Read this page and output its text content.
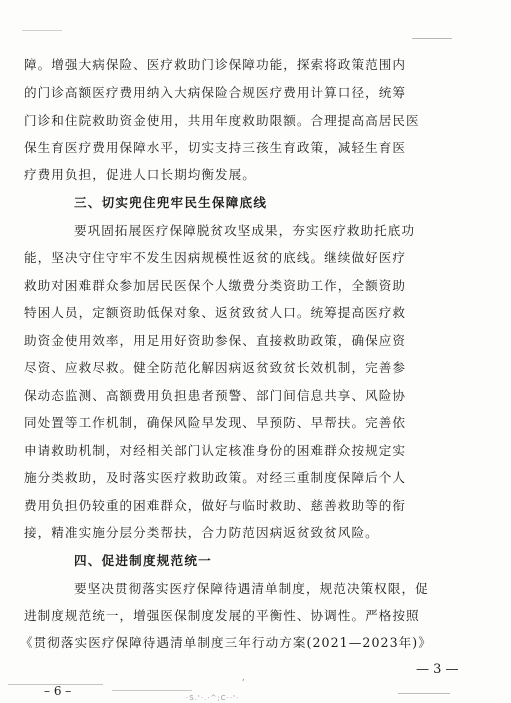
障。增强大病保险、医疗救助门诊保障功能，探索将政策范围内
的门诊高额医疗费用纳入大病保险合规医疗费用计算口径，统筹
门诊和住院救助资金使用，共用年度救助限额。合理提高高居民医
保生育医疗费用保障水平，切实支持三孩生育政策，减轻生育医
疗费用负担，促进人口长期均衡发展。
三、切实兜住兜牢民生保障底线
要巩固拓展医疗保障脱贫攻坚成果，夯实医疗救助托底功
能，坚决守住守牢不发生因病规模性返贫的底线。继续做好医疗
救助对困难群众参加居民医保个人缴费分类资助工作，全额资助
特困人员，定额资助低保对象、返贫致贫人口。统筹提高医疗救
助资金使用效率，用足用好资助参保、直接救助政策，确保应资
尽资、应救尽救。健全防范化解因病返贫致贫长效机制，完善参
保动态监测、高额费用负担患者预警、部门间信息共享、风险协
同处置等工作机制，确保风险早发现、早预防、早帮扶。完善依
申请救助机制，对经相关部门认定核准身份的困难群众按规定实
施分类救助，及时落实医疗救助政策。对经三重制度保障后个人
费用负担仍较重的困难群众，做好与临时救助、慈善救助等的衔
接，精准实施分层分类帮扶，合力防范因病返贫致贫风险。
四、促进制度规范统一
要坚决贯彻落实医疗保障待遇清单制度，规范决策权限，促
进制度规范统一，增强医保制度发展的平衡性、协调性。严格按照
《贯彻落实医疗保障待遇清单制度三年行动方案(2021—2023年)》
— 3 —
ʹ
·S.'·.·^;C··'·
– 6 –
